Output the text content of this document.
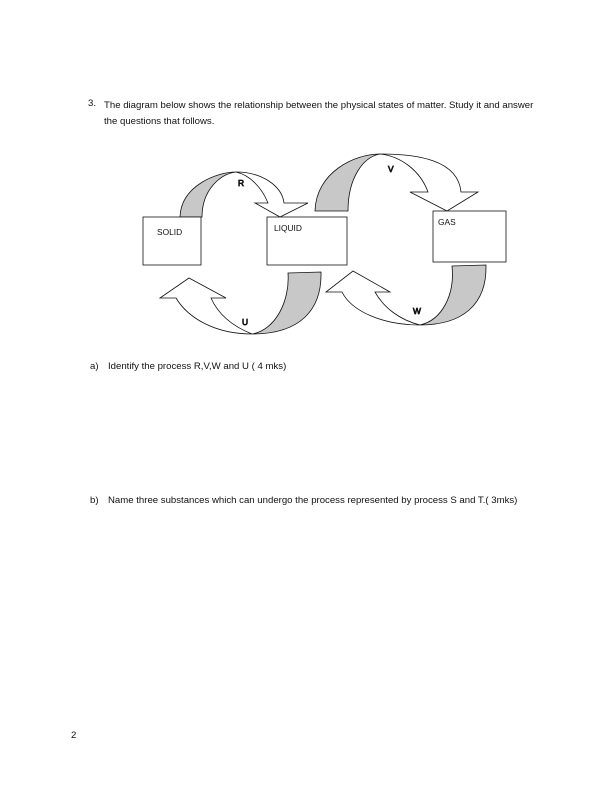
3. The diagram below shows the relationship between the physical states of matter. Study it and answer the questions that follows.
R
V
U
W
SOLID	LIQUID
GAS
a) Identify the process R,V,W and U ( 4 mks)
b) Name three substances which can undergo the process represented by process S and T.( 3mks)
2
